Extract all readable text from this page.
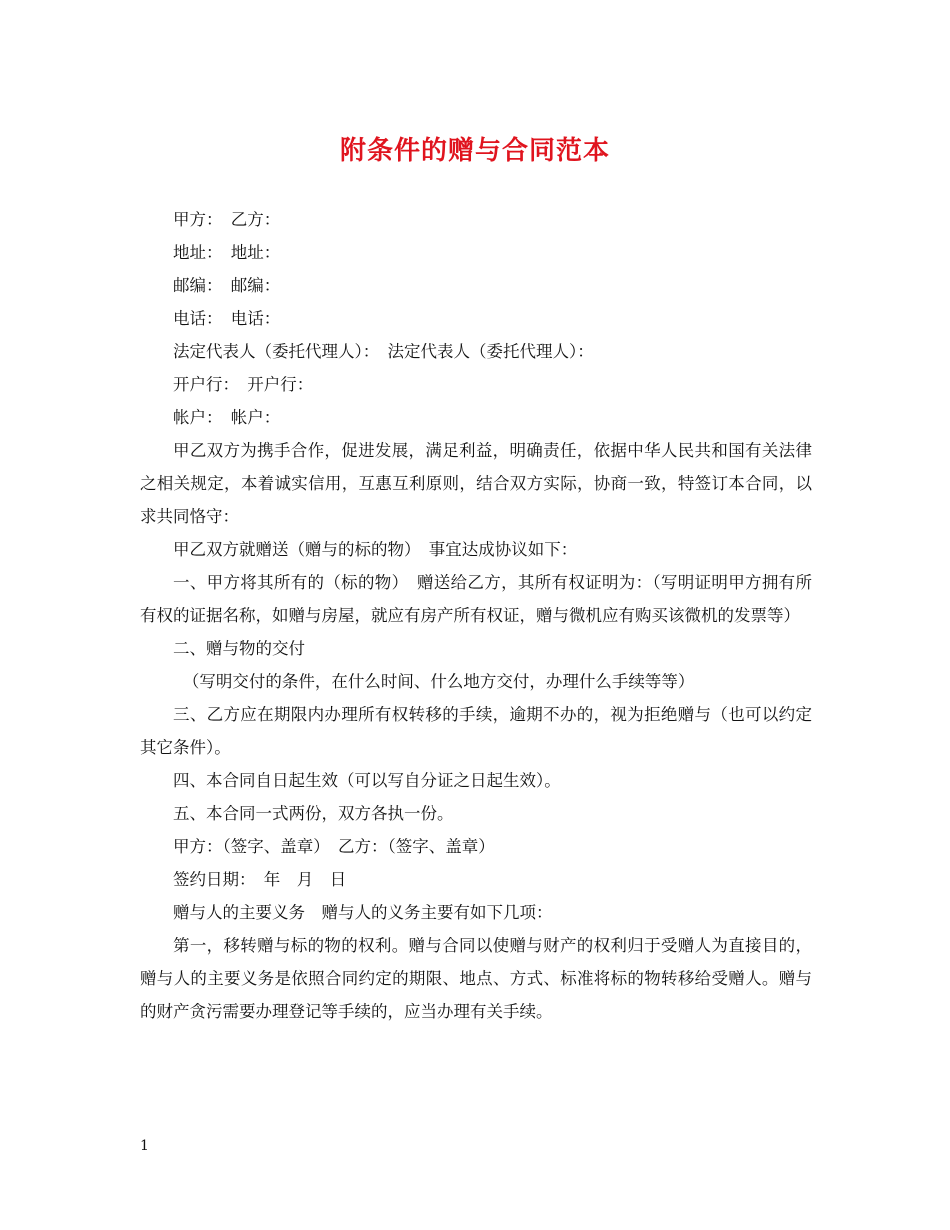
附条件的赠与合同范本

甲方：　乙方：

地址：　地址：

邮编：　邮编：

电话：　电话：

法定代表人（委托代理人）：　法定代表人（委托代理人）：

开户行：　开户行：

帐户：　帐户：

甲乙双方为携手合作，促进发展，满足利益，明确责任，依据中华人民共和国有关法律之相关规定，本着诚实信用，互惠互利原则，结合双方实际，协商一致，特签订本合同，以求共同恪守：

甲乙双方就赠送（赠与的标的物）　事宜达成协议如下：

一、甲方将其所有的（标的物）　赠送给乙方，其所有权证明为：（写明证明甲方拥有所有权的证据名称，如赠与房屋，就应有房产所有权证，赠与微机应有购买该微机的发票等）

二、赠与物的交付

（写明交付的条件，在什么时间、什么地方交付，办理什么手续等等）

三、乙方应在期限内办理所有权转移的手续，逾期不办的，视为拒绝赠与（也可以约定其它条件）。

四、本合同自日起生效（可以写自分证之日起生效）。

五、本合同一式两份，双方各执一份。

甲方：（签字、盖章）　乙方：（签字、盖章）

签约日期：　年　月　日

赠与人的主要义务　赠与人的义务主要有如下几项：

第一，移转赠与标的物的权利。赠与合同以使赠与财产的权利归于受赠人为直接目的，赠与人的主要义务是依照合同约定的期限、地点、方式、标准将标的物转移给受赠人。赠与的财产贪污需要办理登记等手续的，应当办理有关手续。

1
